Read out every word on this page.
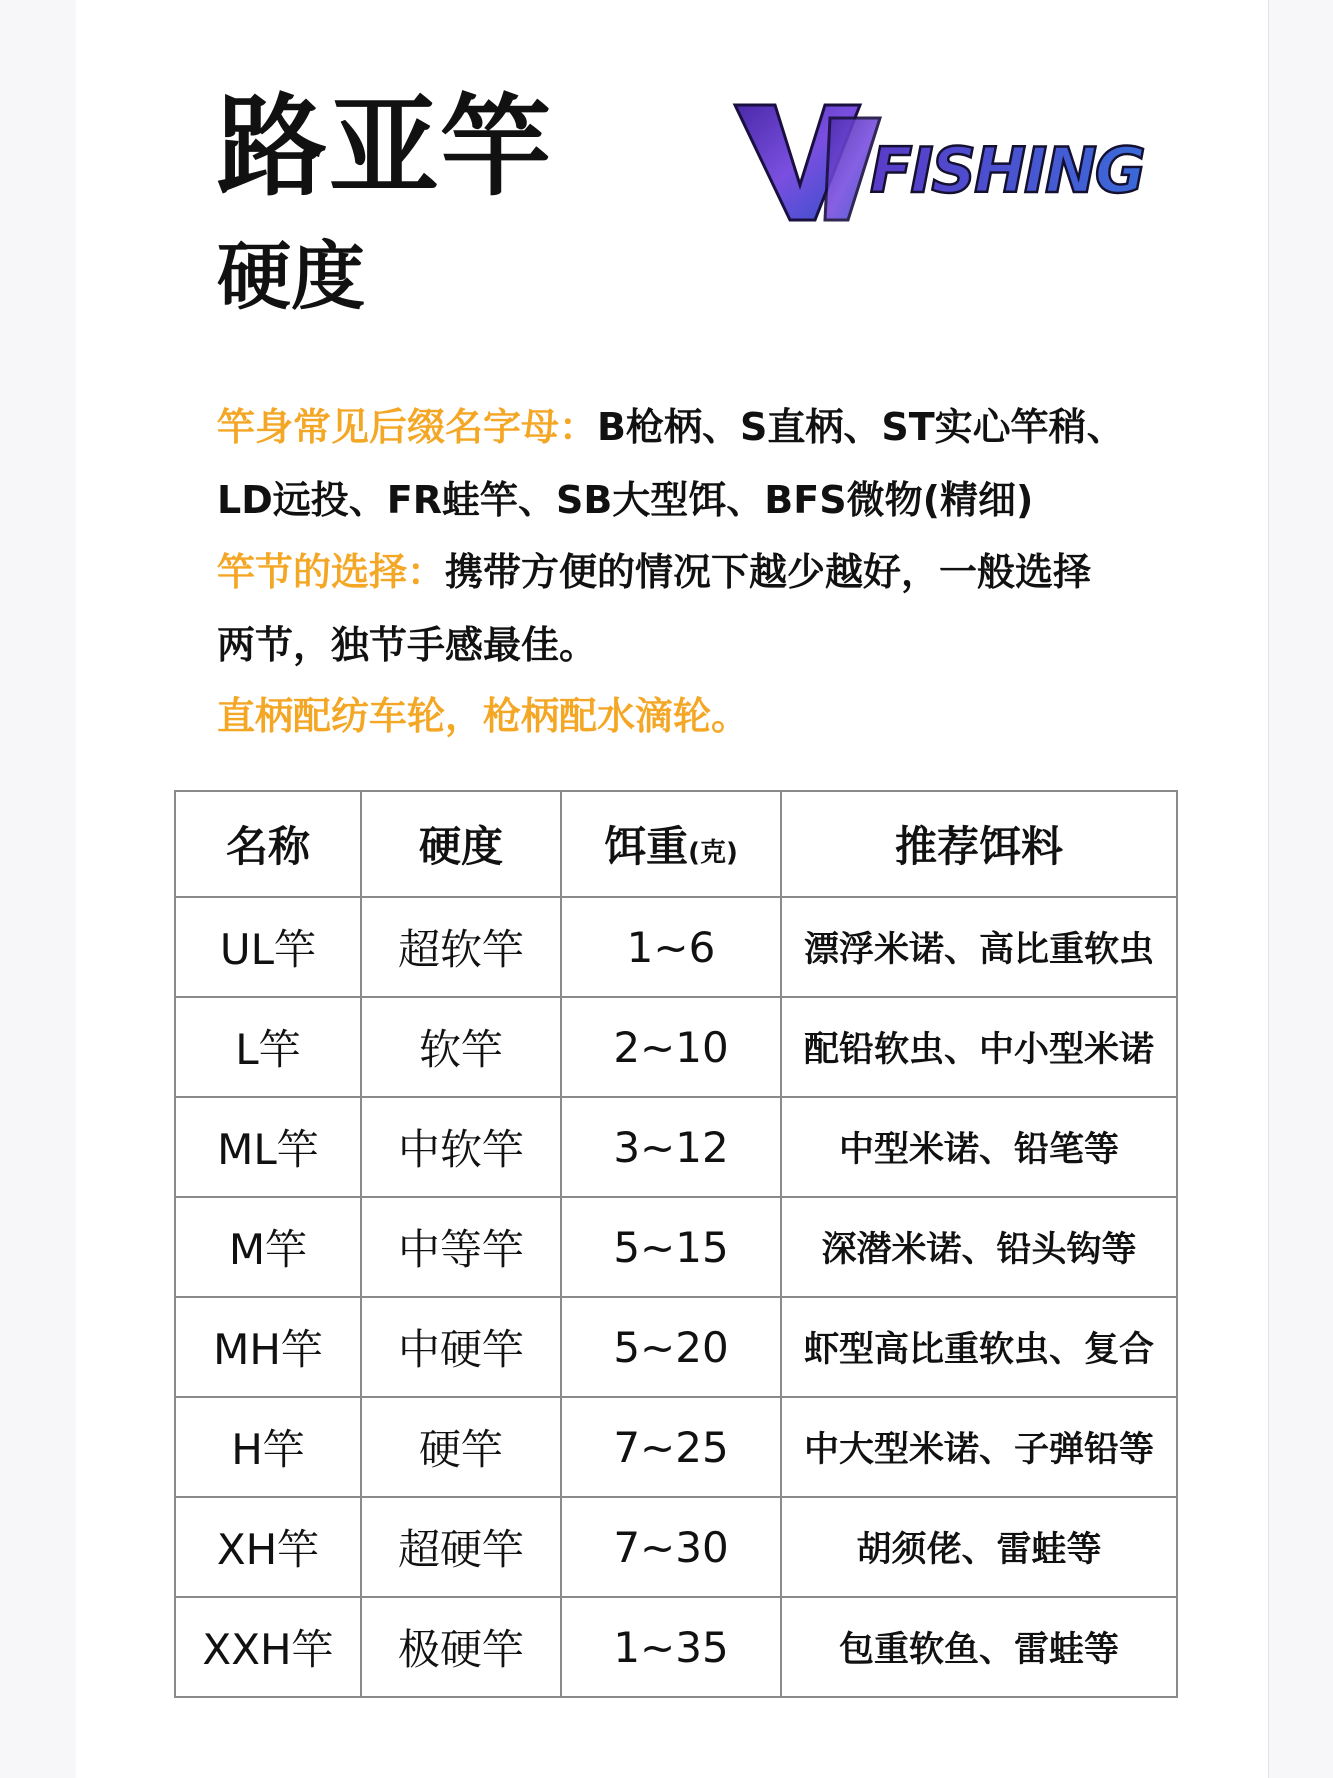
路亚竿
硬度
FISHING
竿身常见后缀名字母：B枪柄、S直柄、ST实心竿稍、
LD远投、FR蛙竿、SB大型饵、BFS微物(精细)
竿节的选择：携带方便的情况下越少越好，一般选择
两节，独节手感最佳。
直柄配纺车轮，枪柄配水滴轮。
名称	硬度	饵重(克)	推荐饵料
UL竿	超软竿	1~6	漂浮米诺、高比重软虫
L竿	软竿	2~10	配铅软虫、中小型米诺
ML竿	中软竿	3~12	中型米诺、铅笔等
M竿	中等竿	5~15	深潜米诺、铅头钩等
MH竿	中硬竿	5~20	虾型高比重软虫、复合
H竿	硬竿	7~25	中大型米诺、子弹铅等
XH竿	超硬竿	7~30	胡须佬、雷蛙等
XXH竿	极硬竿	1~35	包重软鱼、雷蛙等
